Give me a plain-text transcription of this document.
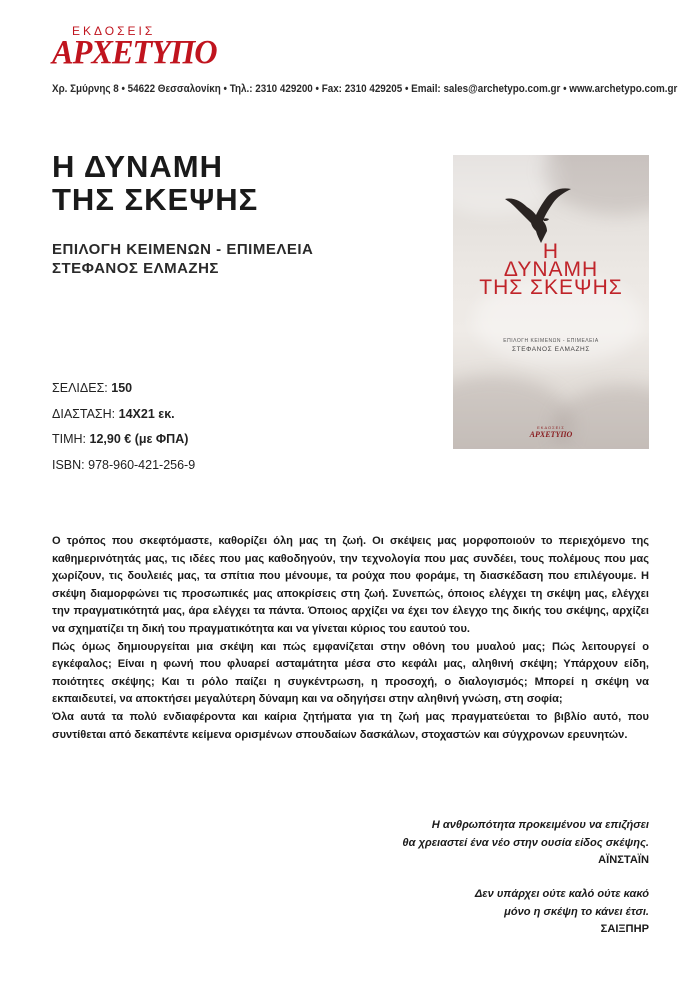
ΕΚΔΟΣΕΙΣ
ΑΡΧΕΤΥΠΟ
Χρ. Σμύρνης 8 • 54622 Θεσσαλονίκη • Τηλ.: 2310 429200 • Fax: 2310 429205 • Email: sales@archetypo.com.gr • www.archetypo.com.gr
Η ΔΥΝΑΜΗ
ΤΗΣ ΣΚΕΨΗΣ
ΕΠΙΛΟΓΗ ΚΕΙΜΕΝΩΝ - ΕΠΙΜΕΛΕΙΑ
ΣΤΕΦΑΝΟΣ ΕΛΜΑΖΗΣ
ΣΕΛΙΔΕΣ: 150
ΔΙΑΣΤΑΣΗ: 14Χ21 εκ.
ΤΙΜΗ: 12,90 € (με ΦΠΑ)
ISBN: 978-960-421-256-9
Η
ΔΥΝΑΜΗ
ΤΗΣ ΣΚΕΨΗΣ
ΕΠΙΛΟΓΗ ΚΕΙΜΕΝΩΝ - ΕΠΙΜΕΛΕΙΑ
ΣΤΕΦΑΝΟΣ ΕΛΜΑΖΗΣ
ΕΚΔΟΣΕΙΣ
ΑΡΧΕΤΥΠΟ

Ο τρόπος που σκεφτόμαστε, καθορίζει όλη μας τη ζωή. Οι σκέψεις μας μορφοποιούν το περιεχόμενο της καθημερινότητάς μας, τις ιδέες που μας καθοδηγούν, την τεχνολογία που μας συνδέει, τους πολέμους που μας χωρίζουν, τις δουλειές μας, τα σπίτια που μένουμε, τα ρούχα που φοράμε, τη διασκέδαση που επιλέγουμε. Η σκέψη διαμορφώνει τις προσωπικές μας αποκρίσεις στη ζωή. Συνεπώς, όποιος ελέγχει τη σκέψη μας, ελέγχει την πραγματικότητά μας, άρα ελέγχει τα πάντα. Όποιος αρχίζει να έχει τον έλεγχο της δικής του σκέψης, αρχίζει να σχηματίζει τη δική του πραγματικότητα και να γίνεται κύριος του εαυτού του.
Πώς όμως δημιουργείται μια σκέψη και πώς εμφανίζεται στην οθόνη του μυαλού μας; Πώς λειτουργεί ο εγκέφαλος; Είναι η φωνή που φλυαρεί ασταμάτητα μέσα στο κεφάλι μας, αληθινή σκέψη; Υπάρχουν είδη, ποιότητες σκέψης; Και τι ρόλο παίζει η συγκέντρωση, η προσοχή, ο διαλογισμός; Μπορεί η σκέψη να εκπαιδευτεί, να αποκτήσει μεγαλύτερη δύναμη και να οδηγήσει στην αληθινή γνώση, στη σοφία;
Όλα αυτά τα πολύ ενδιαφέροντα και καίρια ζητήματα για τη ζωή μας πραγματεύεται το βιβλίο αυτό, που συντίθεται από δεκαπέντε κείμενα ορισμένων σπουδαίων δασκάλων, στοχαστών και σύγχρονων ερευνητών.

Η ανθρωπότητα προκειμένου να επιζήσει
θα χρειαστεί ένα νέο στην ουσία είδος σκέψης.
ΑΪΝΣΤΑΪΝ
Δεν υπάρχει ούτε καλό ούτε κακό
μόνο η σκέψη το κάνει έτσι.
ΣΑΙΞΠΗΡ
